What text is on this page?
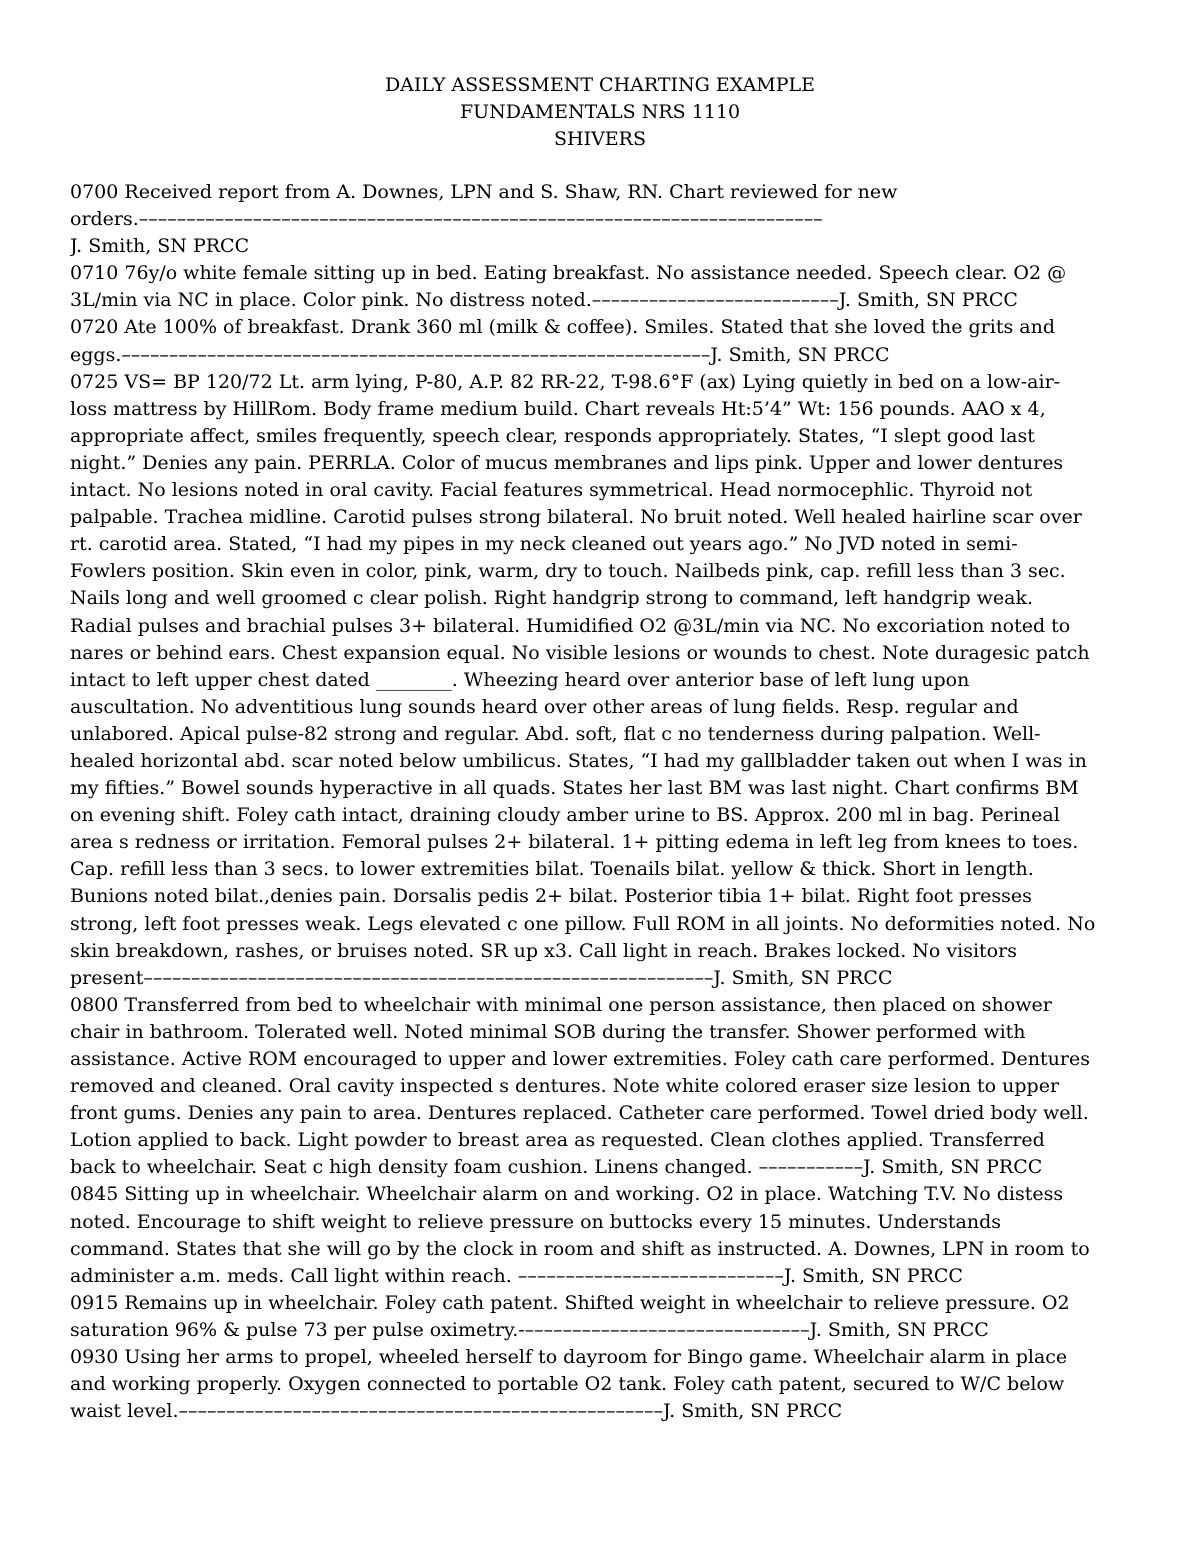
DAILY ASSESSMENT CHARTING EXAMPLE
FUNDAMENTALS NRS 1110
SHIVERS
0700 Received report from A. Downes, LPN and S. Shaw, RN. Chart reviewed for new
orders.––––––––––––––––––––––––––––––––––––––––––––––––––––––––––––––––––––––––
J. Smith, SN PRCC
0710 76y/o white female sitting up in bed. Eating breakfast. No assistance needed. Speech clear. O2 @
3L/min via NC in place. Color pink. No distress noted.––––––––––––––––––––––––––J. Smith, SN PRCC
0720 Ate 100% of breakfast. Drank 360 ml (milk & coffee). Smiles. Stated that she loved the grits and
eggs.––––––––––––––––––––––––––––––––––––––––––––––––––––––––––––––J. Smith, SN PRCC
0725 VS= BP 120/72 Lt. arm lying, P-80, A.P. 82 RR-22, T-98.6°F (ax) Lying quietly in bed on a low-air-
loss mattress by HillRom. Body frame medium build. Chart reveals Ht:5’4” Wt: 156 pounds. AAO x 4,
appropriate affect, smiles frequently, speech clear, responds appropriately. States, “I slept good last
night.” Denies any pain. PERRLA. Color of mucus membranes and lips pink. Upper and lower dentures
intact. No lesions noted in oral cavity. Facial features symmetrical. Head normocephlic. Thyroid not
palpable. Trachea midline. Carotid pulses strong bilateral. No bruit noted. Well healed hairline scar over
rt. carotid area. Stated, “I had my pipes in my neck cleaned out years ago.” No JVD noted in semi-
Fowlers position. Skin even in color, pink, warm, dry to touch. Nailbeds pink, cap. refill less than 3 sec.
Nails long and well groomed c clear polish. Right handgrip strong to command, left handgrip weak.
Radial pulses and brachial pulses 3+ bilateral. Humidified O2 @3L/min via NC. No excoriation noted to
nares or behind ears. Chest expansion equal. No visible lesions or wounds to chest. Note duragesic patch
intact to left upper chest dated ________. Wheezing heard over anterior base of left lung upon
auscultation. No adventitious lung sounds heard over other areas of lung fields. Resp. regular and
unlabored. Apical pulse-82 strong and regular. Abd. soft, flat c no tenderness during palpation. Well-
healed horizontal abd. scar noted below umbilicus. States, “I had my gallbladder taken out when I was in
my fifties.” Bowel sounds hyperactive in all quads. States her last BM was last night. Chart confirms BM
on evening shift. Foley cath intact, draining cloudy amber urine to BS. Approx. 200 ml in bag. Perineal
area s redness or irritation. Femoral pulses 2+ bilateral. 1+ pitting edema in left leg from knees to toes.
Cap. refill less than 3 secs. to lower extremities bilat. Toenails bilat. yellow & thick. Short in length.
Bunions noted bilat.,denies pain. Dorsalis pedis 2+ bilat. Posterior tibia 1+ bilat. Right foot presses
strong, left foot presses weak. Legs elevated c one pillow. Full ROM in all joints. No deformities noted. No
skin breakdown, rashes, or bruises noted. SR up x3. Call light in reach. Brakes locked. No visitors
present––––––––––––––––––––––––––––––––––––––––––––––––––––––––––––J. Smith, SN PRCC
0800 Transferred from bed to wheelchair with minimal one person assistance, then placed on shower
chair in bathroom. Tolerated well. Noted minimal SOB during the transfer. Shower performed with
assistance. Active ROM encouraged to upper and lower extremities. Foley cath care performed. Dentures
removed and cleaned. Oral cavity inspected s dentures. Note white colored eraser size lesion to upper
front gums. Denies any pain to area. Dentures replaced. Catheter care performed. Towel dried body well.
Lotion applied to back. Light powder to breast area as requested. Clean clothes applied. Transferred
back to wheelchair. Seat c high density foam cushion. Linens changed. –––––––––––J. Smith, SN PRCC
0845 Sitting up in wheelchair. Wheelchair alarm on and working. O2 in place. Watching T.V. No distess
noted. Encourage to shift weight to relieve pressure on buttocks every 15 minutes. Understands
command. States that she will go by the clock in room and shift as instructed. A. Downes, LPN in room to
administer a.m. meds. Call light within reach. ––––––––––––––––––––––––––––J. Smith, SN PRCC
0915 Remains up in wheelchair. Foley cath patent. Shifted weight in wheelchair to relieve pressure. O2
saturation 96% & pulse 73 per pulse oximetry.-––––––––––––––––––––––––––––––J. Smith, SN PRCC
0930 Using her arms to propel, wheeled herself to dayroom for Bingo game. Wheelchair alarm in place
and working properly. Oxygen connected to portable O2 tank. Foley cath patent, secured to W/C below
waist level.–––––––––––––––––––––––––––––––––––––––––––––––––––J. Smith, SN PRCC
